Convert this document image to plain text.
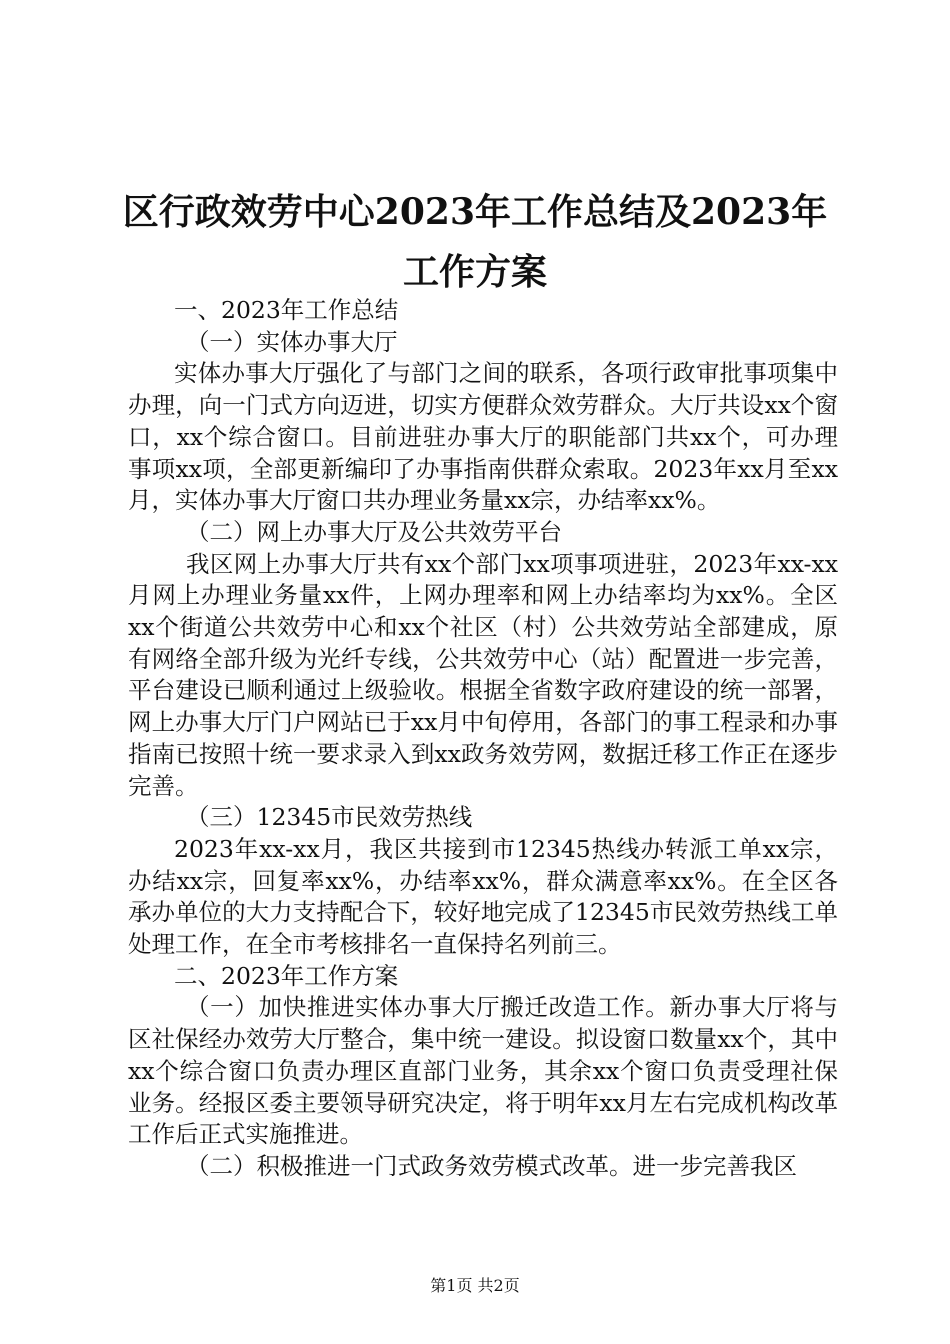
区行政效劳中心2023年工作总结及2023年工作方案

一、2023年工作总结

（一）实体办事大厅

实体办事大厅强化了与部门之间的联系，各项行政审批事项集中办理，向一门式方向迈进，切实方便群众效劳群众。大厅共设xx个窗口，xx个综合窗口。目前进驻办事大厅的职能部门共xx个，可办理事项xx项，全部更新编印了办事指南供群众索取。2023年xx月至xx月，实体办事大厅窗口共办理业务量xx宗，办结率xx%。

（二）网上办事大厅及公共效劳平台

我区网上办事大厅共有xx个部门xx项事项进驻，2023年xx-xx月网上办理业务量xx件，上网办理率和网上办结率均为xx%。全区xx个街道公共效劳中心和xx个社区（村）公共效劳站全部建成，原有网络全部升级为光纤专线，公共效劳中心（站）配置进一步完善，平台建设已顺利通过上级验收。根据全省数字政府建设的统一部署，网上办事大厅门户网站已于xx月中旬停用，各部门的事工程录和办事指南已按照十统一要求录入到xx政务效劳网，数据迁移工作正在逐步完善。

（三）12345市民效劳热线

2023年xx-xx月，我区共接到市12345热线办转派工单xx宗，办结xx宗，回复率xx%，办结率xx%，群众满意率xx%。在全区各承办单位的大力支持配合下，较好地完成了12345市民效劳热线工单处理工作，在全市考核排名一直保持名列前三。

二、2023年工作方案

（一）加快推进实体办事大厅搬迁改造工作。新办事大厅将与区社保经办效劳大厅整合，集中统一建设。拟设窗口数量xx个，其中xx个综合窗口负责办理区直部门业务，其余xx个窗口负责受理社保业务。经报区委主要领导研究决定，将于明年xx月左右完成机构改革工作后正式实施推进。

（二）积极推进一门式政务效劳模式改革。进一步完善我区

第1页 共2页
